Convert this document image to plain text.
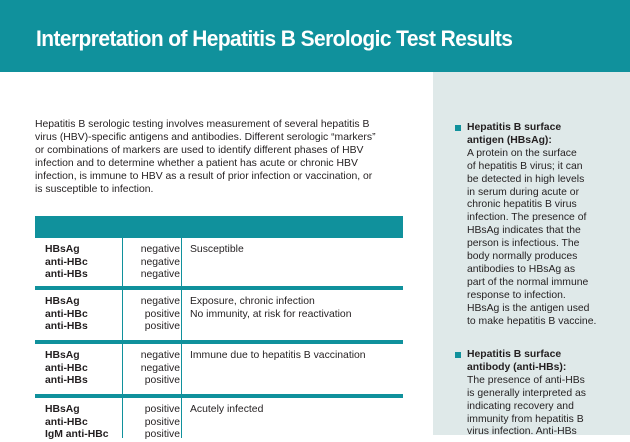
Interpretation of Hepatitis B Serologic Test Results
Hepatitis B serologic testing involves measurement of several hepatitis B
virus (HBV)-specific antigens and antibodies. Different serologic “markers”
or combinations of markers are used to identify different phases of HBV
infection and to determine whether a patient has acute or chronic HBV
infection, is immune to HBV as a result of prior infection or vaccination, or
is susceptible to infection.
HBsAg
anti-HBc
anti-HBs
negative
negative
negative
Susceptible
HBsAg
anti-HBc
anti-HBs
negative
positive
positive
Exposure, chronic infection
No immunity, at risk for reactivation
HBsAg
anti-HBc
anti-HBs
negative
negative
positive
Immune due to hepatitis B vaccination
HBsAg
anti-HBc
IgM anti-HBc
positive
positive
positive
Acutely infected
Hepatitis B surface
antigen (HBsAg):
A protein on the surface
of hepatitis B virus; it can
be detected in high levels
in serum during acute or
chronic hepatitis B virus
infection. The presence of
HBsAg indicates that the
person is infectious. The
body normally produces
antibodies to HBsAg as
part of the normal immune
response to infection.
HBsAg is the antigen used
to make hepatitis B vaccine.
Hepatitis B surface
antibody (anti-HBs):
The presence of anti-HBs
is generally interpreted as
indicating recovery and
immunity from hepatitis B
virus infection. Anti-HBs
